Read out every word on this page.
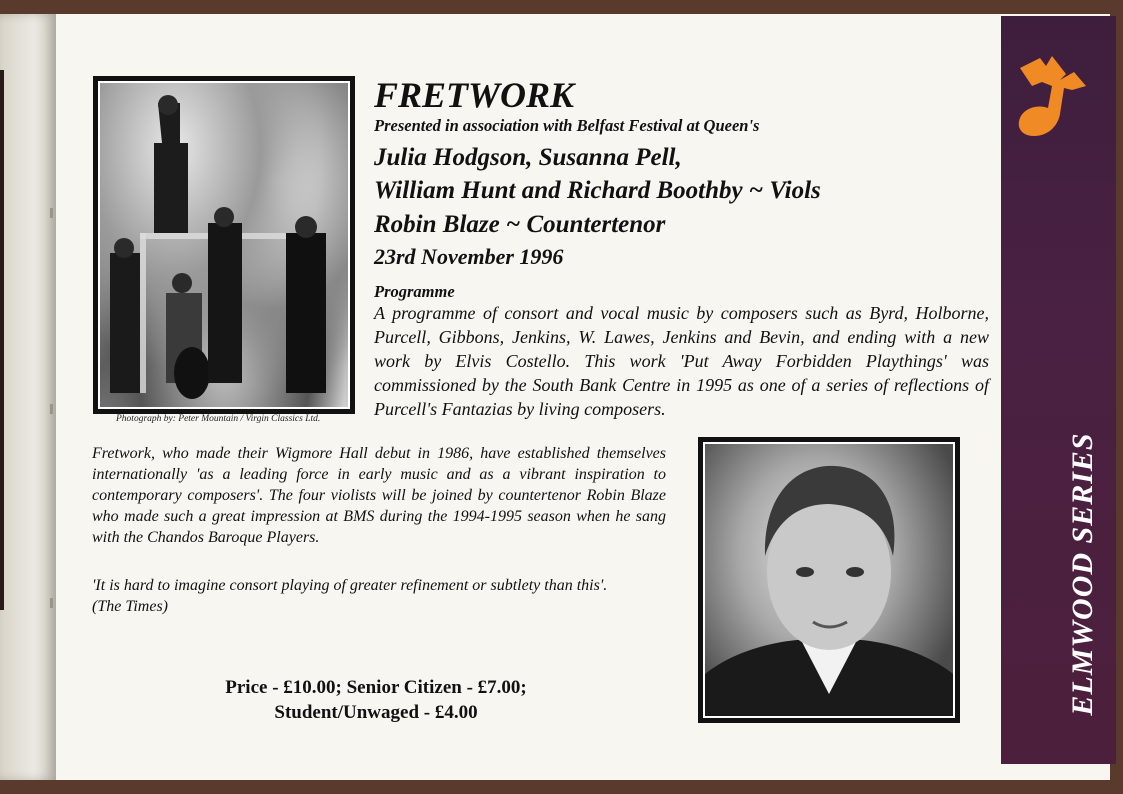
ELMWOOD SERIES
Photograph by: Peter Mountain / Virgin Classics Ltd.
FRETWORK
Presented in association with Belfast Festival at Queen's
Julia Hodgson, Susanna Pell,
William Hunt and Richard Boothby ~ Viols
Robin Blaze ~ Countertenor
23rd November 1996
Programme
A programme of consort and vocal music by composers such as Byrd, Holborne, Purcell, Gibbons, Jenkins, W. Lawes, Jenkins and Bevin, and ending with a new work by Elvis Costello. This work 'Put Away Forbidden Playthings' was commissioned by the South Bank Centre in 1995 as one of a series of reflections of Purcell's Fantazias by living composers.
Fretwork, who made their Wigmore Hall debut in 1986, have established themselves internationally 'as a leading force in early music and as a vibrant inspiration to contemporary composers'. The four violists will be joined by countertenor Robin Blaze who made such a great impression at BMS during the 1994-1995 season when he sang with the Chandos Baroque Players.
'It is hard to imagine consort playing of greater refinement or subtlety than this'.
(The Times)
Price - £10.00; Senior Citizen - £7.00;
Student/Unwaged - £4.00
